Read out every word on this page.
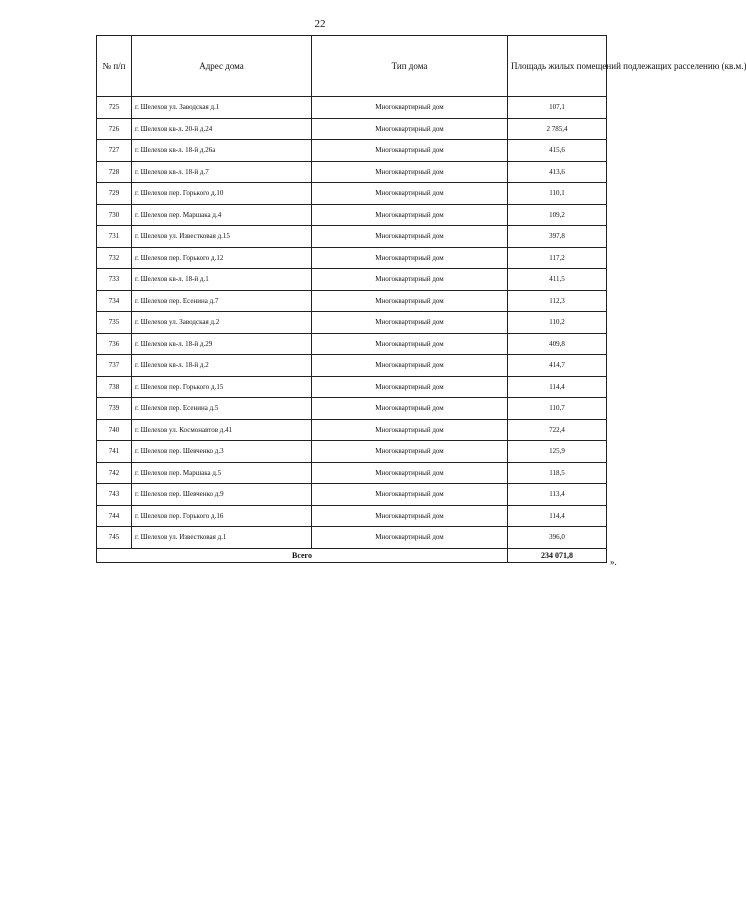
22
№ п/п	Адрес дома	Тип дома	Площадь жилых помещений подлежащих расселению (кв.м.)
725	г. Шелехов ул. Заводская д.1	Многоквартирный дом	107,1
726	г. Шелехов кв-л. 20-й д.24	Многоквартирный дом	2 785,4
727	г. Шелехов кв-л. 18-й д.26а	Многоквартирный дом	415,6
728	г. Шелехов кв-л. 18-й д.7	Многоквартирный дом	413,6
729	г. Шелехов пер. Горького д.10	Многоквартирный дом	110,1
730	г. Шелехов пер. Маршака д.4	Многоквартирный дом	109,2
731	г. Шелехов ул. Известковая д.15	Многоквартирный дом	397,8
732	г. Шелехов пер. Горького д.12	Многоквартирный дом	117,2
733	г. Шелехов кв-л. 18-й д.1	Многоквартирный дом	411,5
734	г. Шелехов пер. Есенина д.7	Многоквартирный дом	112,3
735	г. Шелехов ул. Заводская д.2	Многоквартирный дом	110,2
736	г. Шелехов кв-л. 18-й д.29	Многоквартирный дом	409,8
737	г. Шелехов кв-л. 18-й д.2	Многоквартирный дом	414,7
738	г. Шелехов пер. Горького д.15	Многоквартирный дом	114,4
739	г. Шелехов пер. Есенина д.5	Многоквартирный дом	110,7
740	г. Шелехов ул. Космонавтов д.41	Многоквартирный дом	722,4
741	г. Шелехов пер. Шевченко д.3	Многоквартирный дом	125,9
742	г. Шелехов пер. Маршака д.5	Многоквартирный дом	118,5
743	г. Шелехов пер. Шевченко д.9	Многоквартирный дом	113,4
744	г. Шелехов пер. Горького д.16	Многоквартирный дом	114,4
745	г. Шелехов ул. Известковая д.1	Многоквартирный дом	396,0
Всего			234 071,8
».
